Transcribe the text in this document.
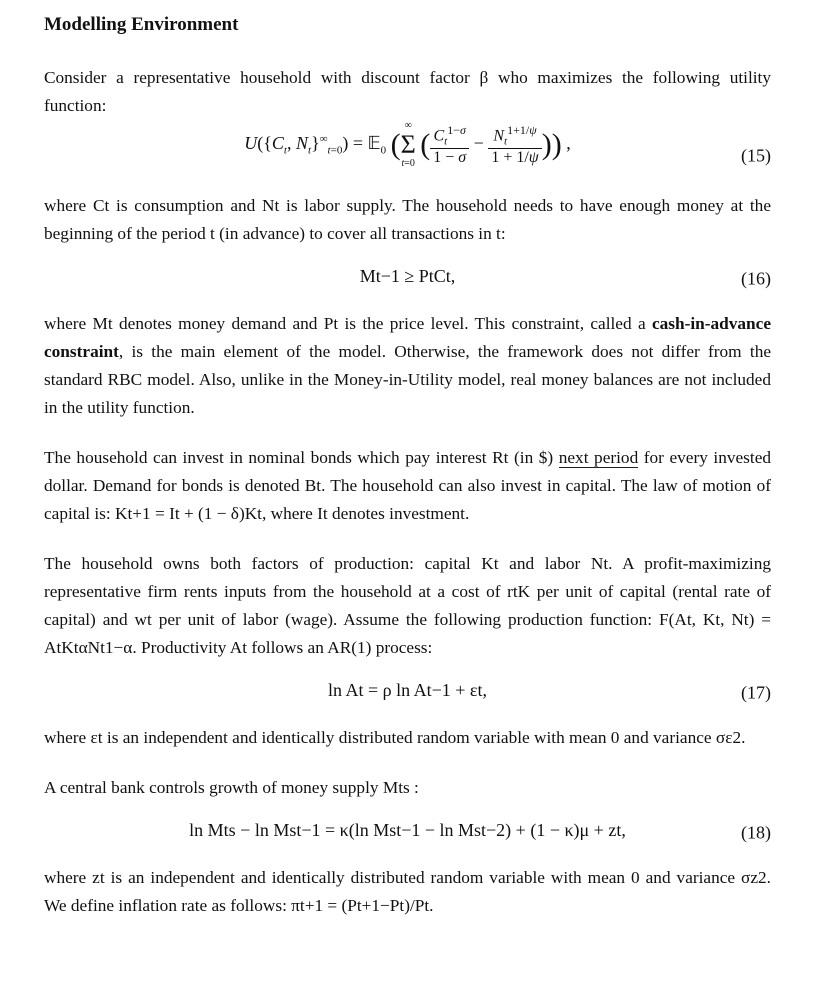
Modelling Environment

Consider a representative household with discount factor β who maximizes the following utility function:

$U(\{C_t$, $N_t\}^\infty_{t=0}$) = 𝔼$_0$ (
∞
Σ
t=0
( $\frac{C_t^{1-\sigma}}{1 - \sigma} - \frac{N_t^{1+1/\psi}}{1 + 1/\psi}$ )) ,
(15)

where Ct is consumption and Nt is labor supply. The household needs to have enough money at the beginning of the period t (in advance) to cover all transactions in t:

Mt−1 ≥ PtCt,	(16)

where Mt denotes money demand and Pt is the price level. This constraint, called a cash-in-advance constraint, is the main element of the model. Otherwise, the framework does not differ from the standard RBC model. Also, unlike in the Money-in-Utility model, real money balances are not included in the utility function.

The household can invest in nominal bonds which pay interest Rt (in $) next period for every invested dollar. Demand for bonds is denoted Bt. The household can also invest in capital. The law of motion of capital is: Kt+1 = It + (1 − δ)Kt, where It denotes investment.

The household owns both factors of production: capital Kt and labor Nt. A profit-maximizing representative firm rents inputs from the household at a cost of rtK per unit of capital (rental rate of capital) and wt per unit of labor (wage). Assume the following production function: F(At, Kt, Nt) = AtKtαNt1−α. Productivity At follows an AR(1) process:

ln At = ρ ln At−1 + εt,	(17)

where εt is an independent and identically distributed random variable with mean 0 and variance σε2.

A central bank controls growth of money supply Mts :

ln Mts − ln Mst−1 = κ(ln Mst−1 − ln Mst−2) + (1 − κ)μ + zt,	(18)

where zt is an independent and identically distributed random variable with mean 0 and variance σz2. We define inflation rate as follows: πt+1 = (Pt+1−Pt)/Pt.
